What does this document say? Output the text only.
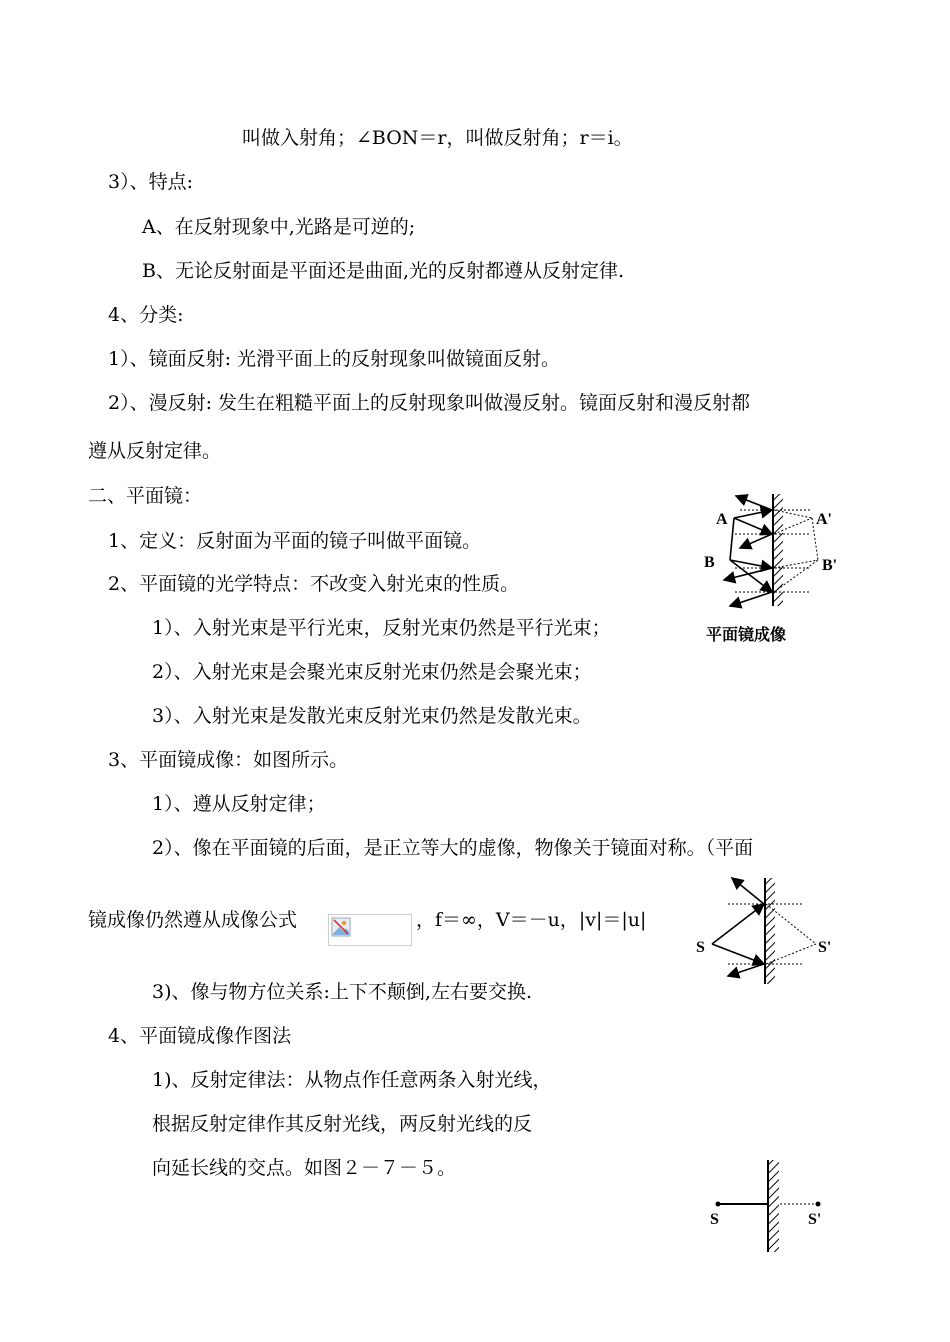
叫做入射角；∠BON＝r，叫做反射角；r＝i。
3）、特点:
A、在反射现象中,光路是可逆的;
B、无论反射面是平面还是曲面,光的反射都遵从反射定律.
4、分类:
1）、镜面反射: 光滑平面上的反射现象叫做镜面反射。
2）、漫反射: 发生在粗糙平面上的反射现象叫做漫反射。镜面反射和漫反射都
遵从反射定律。
二、平面镜：
1、定义：反射面为平面的镜子叫做平面镜。
2、平面镜的光学特点：不改变入射光束的性质。
1）、入射光束是平行光束，反射光束仍然是平行光束；
2）、入射光束是会聚光束反射光束仍然是会聚光束；
3）、入射光束是发散光束反射光束仍然是发散光束。
3、平面镜成像：如图所示。
1）、遵从反射定律；
2）、像在平面镜的后面，是正立等大的虚像，物像关于镜面对称。（平面
镜成像仍然遵从成像公式	，f＝∞，V＝－u，|v|＝|u|
3)、像与物方位关系:上下不颠倒,左右要交换.
4、平面镜成像作图法
1)、反射定律法：从物点作任意两条入射光线，
根据反射定律作其反射光线，两反射光线的反
向延长线的交点。如图２－７－５。
A	A'
B	B'
平面镜成像
S	S'
S	S'
